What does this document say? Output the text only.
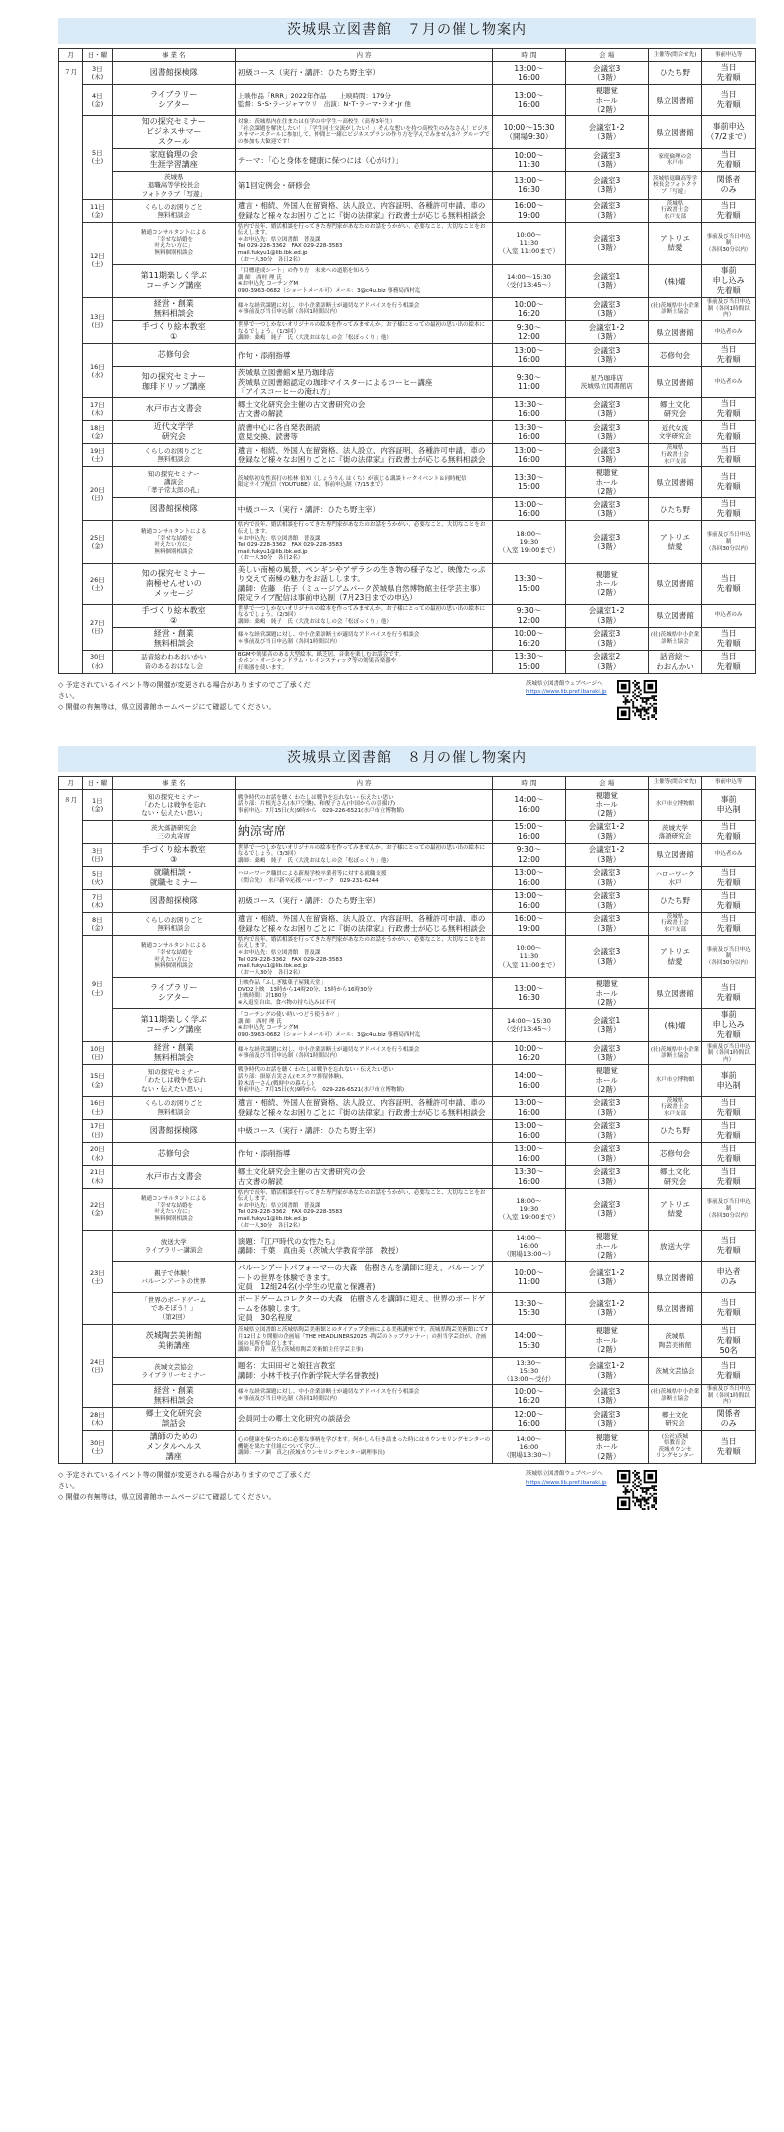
茨城県立図書館　７月の催し物案内
月	日・曜	事 業 名	内 容	時 間	会 場	主催等(問合せ先)	事前申込等
７月	3日
(木)	図書館探検隊	初級コース（実行・講評：ひたち野主宰）	13:00～
16:00	会議室3
（3階）	ひたち野	当日
先着順
	4日
(金)	ライブラリー
シアター	上映作品「RRR」2022年作品　　上映時間：179分
監督：S･S･ラージャマウリ　出演：N･T･ラーマ･ラオ･Jr 他	13:00～
16:00	視聴覚
ホール
（2階）	県立図書館	当日
先着順
	5日
(土)	知の探究セミナー
ビジネスサマー
スクール	対象：茨城県内在住または在学の中学生～高校生（高専3年生）
「社会課題を解決したい！」「学生同士交流がしたい！」そんな想いを持つ高校生のみなさん！ビジネスサマースクールに参加して、仲間と一緒にビジネスプランの作り方を学んでみませんか？グループでの参加も大歓迎です！	10:00～15:30
（開場9:30）	会議室1･2
（3階）	県立図書館	事前申込
（7/2まで）
		家庭倫理の会
生涯学習講座	テーマ：「心と身体を健康に保つには（心がけ）」	10:00～
11:30	会議室3
（3階）	家庭倫理の会
水戸市	当日
先着順
		茨城県
退職高等学校長会
フォトクラブ「写遊」	第1回定例会・研修会	13:00～
16:30	会議室3
（3階）	茨城県退職高等学校長会フォトクラブ「写遊」	関係者
のみ
	11日
(金)	くらしのお困りごと
無料相談会	遺言・相続、外国人在留資格、法人設立、内容証明、各種許可申請、車の登録など様々なお困りごとに『街の法律家』行政書士が応じる無料相談会	16:00～
19:00	会議室3
（3階）	茨城県
行政書士会
水戸支部	当日
先着順
	12日
(土)	精通コンサルタントによる
「幸せな結婚を
叶えたい方に」
無料個別相談会	県内で長年、婚活相談を行ってきた専門家があなたのお話をうかがい、必要なこと、大切なことをお伝えします。
＊お申込先：県立図書館　普及課
Tel 029-228-3362　FAX 029-228-3583
mail.fukyu1@lib.ibk.ed.jp
（お一人30分　各日2名）	10:00～
11:30
（入室 11:00まで）	会議室3
（3階）	アトリエ
結愛	事前及び当日申込制
（各回30分以内）
		第11期楽しく学ぶ
コーチング講座	「目標達成シート」の作り方　未来への道筋を知ろう
講 師　西村 理 氏
※お申込先 コーチングM
090-3963-0682（ショートメール可）メール：3@c4u.biz 事務局西村迄	14:00～15:30
（受付13:45～）	会議室1
（3階）	(株)燿	事前
申し込み
先着順
	13日
(日)	経営・創業
無料相談会	様々な経営課題に対し、中小企業診断士が適切なアドバイスを行う相談会
＊事前及び当日申込制（各回1時間以内）	10:00～
16:20	会議室3
（3階）	(社)茨城県中小企業診断士協会	事前及び当日申込制（各回1時間以内）
		手づくり絵本教室
①	世界で一つしかないオリジナルの絵本を作ってみませんか。お子様にとっての最初の思い出の絵本になるでしょう。（1/3回）
講師：桑嶋　純子　氏（大洗おはなしの会「松ぼっくり」他）	9:30～
12:00	会議室1･2
（3階）	県立図書館	申込者のみ
	16日
(水)	芯修句会	作句・添削指導	13:00～
16:00	会議室3
（3階）	芯修句会	当日
先着順
		知の探究セミナー
珈琲ドリップ講座	茨城県立図書館×星乃珈琲店
茨城県立図書館認定の珈琲マイスターによるコーヒー講座
「アイスコーヒーの淹れ方」	9:30～
11:00	星乃珈琲店
茨城県立図書館店	県立図書館	申込者のみ
	17日
(木)	水戸市古文書会	郷土文化研究会主催の古文書研究の会
古文書の解読	13:30～
16:00	会議室3
（3階）	郷土文化
研究会	当日
先着順
	18日
(金)	近代文学学
研究会	読書中心に各自発表朗読
意見交換、読書等	13:30～
16:00	会議室3
（3階）	近代女流
文学研究会	当日
先着順
	19日
(土)	くらしのお困りごと
無料相談会	遺言・相続、外国人在留資格、法人設立、内容証明、各種許可申請、車の登録など様々なお困りごとに『街の法律家』行政書士が応じる無料相談会	13:00～
16:00	会議室3
（3階）	茨城県
行政書士会
水戸支部	当日
先着順
	20日
(日)	知の探究セミナー
講演会
「孝子常太郎の孔」	茨城県初女性真打の松林 伯知（しょうりん はくち）が演じる講談トークイベント＆同時配信
限定ライブ配信（YOUTUBE）は、事前申込制（7/15まで）	13:30～
15:00	視聴覚
ホール
（2階）	県立図書館	当日
先着順
		図書館探検隊	中級コース（実行・講評：ひたち野主宰）	13:00～
16:00	会議室3
（3階）	ひたち野	当日
先着順
	25日
(金)	精通コンサルタントによる
「幸せな結婚を
叶えたい方に」
無料個別相談会	県内で長年、婚活相談を行ってきた専門家があなたのお話をうかがい、必要なこと、大切なことをお伝えします。
＊お申込先：県立図書館　普及課
Tel 029-228-3362　FAX 029-228-3583
mail.fukyu1@lib.ibk.ed.jp
（お一人30分　各日2名）	18:00～
19:30
（入室 19:00まで）	会議室3
（3階）	アトリエ
結愛	事前及び当日申込制
（各回30分以内）
	26日
(土)	知の探究セミナー
南極せんせいの
メッセージ	美しい南極の風景、ペンギンやアザラシの生き物の様子など、映像たっぷり交えて南極の魅力をお話しします。
講師：佐藤　佑子（ミュージアムパーク茨城県自然博物館主任学芸主事）
限定ライブ配信は事前申込制（7月23日までの申込）	13:30～
15:00	視聴覚
ホール
（2階）	県立図書館	当日
先着順
	27日
(日)	手づくり絵本教室
②	世界で一つしかないオリジナルの絵本を作ってみませんか。お子様にとっての最初の思い出の絵本になるでしょう。（2/3回）
講師：桑嶋　純子　氏（大洗おはなしの会「松ぼっくり」他）	9:30～
12:00	会議室1･2
（3階）	県立図書館	申込者のみ
		経営・創業
無料相談会	様々な経営課題に対し、中小企業診断士が適切なアドバイスを行う相談会
＊事前及び当日申込制（各回1時間以内）	10:00～
16:20	会議室3
（3階）	(社)茨城県中小企業診断士協会	当日
先着順
	30日
(水)	話音絵わわあおいかい
音のあるおはなし会	BGMや効果音のある大型絵本、紙芝居、音楽を楽しむお話会です。
カホン・オーシャンドラム・レインスティック等の効果音楽器や
打楽器を使います。	13:30～
15:00	会議室2
（3階）	話音絵～
わおんかい	当日
先着順
◇ 予定されているイベント等の開催が変更される場合がありますのでご了承くだ
さい。
◇ 開催の有無等は，県立図書館ホームページにて確認してください。
茨城県立図書館ウェブページへ
https://www.lib.pref.ibaraki.jp
茨城県立図書館　８月の催し物案内
月	日・曜	事 業 名	内 容	時 間	会 場	主催等(問合せ先)	事前申込等
８月	1日
(金)	知の探究セミナー
「わたしは戦争を忘れ
ない・伝えたい思い」	戦争時代のお話を聴く わたしは戦争を忘れない・伝えたい思い
話り部：片根光さん(本戸空襲)、和俊子さん(中国からの引揚げ)
事前申込：7月15日(火)9時から　029-226-6521(水戸市立博物館)	14:00～
16:00	視聴覚
ホール
（2階）	水戸市立博物館	事前
申込制
		茨大落語研究会
三の丸寄席	納涼寄席	15:00～
16:00	会議室1･2
（3階）	茨城大学
落語研究会	当日
先着順
	3日
(日)	手づくり絵本教室
③	世界で一つしかないオリジナルの絵本を作ってみませんか。お子様にとっての最初の思い出の絵本になるでしょう。（3/3回）
講師：桑嶋　純子　氏（大洗おはなしの会「松ぼっくり」他）	9:30～
12:00	会議室1･2
（3階）	県立図書館	申込者のみ
	5日
(火)	就職相談・
就職セミナー	ハローワーク職員による新規学校卒業者等に対する就職支援
（問合先）　水戸新卒応援ハローワーク　029-231-6244	13:00～
16:00	会議室3
（3階）	ハローワーク
水戸	当日
先着順
	7日
(木)	図書館探検隊	初級コース（実行・講評：ひたち野主宰）	13:00～
16:00	会議室3
（3階）	ひたち野	当日
先着順
	8日
(金)	くらしのお困りごと
無料相談会	遺言・相続、外国人在留資格、法人設立、内容証明、各種許可申請、車の登録など様々なお困りごとに『街の法律家』行政書士が応じる無料相談会	16:00～
19:00	会議室3
（3階）	茨城県
行政書士会
水戸支部	当日
先着順
	9日
(土)	精通コンサルタントによる
「幸せな結婚を
叶えたい方に」
無料個別相談会	県内で長年、婚活相談を行ってきた専門家があなたのお話をうかがい、必要なこと、大切なことをお伝えします。
＊お申込先：県立図書館　普及課
Tel 029-228-3362　FAX 029-228-3583
mail.fukyu1@lib.ibk.ed.jp
（お一人30分　各日2名）	10:00～
11:30
（入室 11:00まで）	会議室3
（3階）	アトリエ
結愛	事前及び当日申込制
（各回30分以内）
		ライブラリー
シアター	上映作品「ふしぎ駄菓子屋銭天堂」
DVD2上映　13時から14時20分、15時から16時30分
上映時間：計180分
※入退室自由、食べ物の持ち込みは不可	13:00～
16:30	視聴覚
ホール
（2階）	県立図書館	当日
先着順
		第11期楽しく学ぶ
コーチング講座	「コーチングの使い時いつどう使うか？」
講 師　西村 理 氏
※お申込先 コーチングM
090-3963-0682（ショートメール可）メール：3@c4u.biz 事務局西村迄	14:00～15:30
（受付13:45～）	会議室1
（3階）	(株)燿	事前
申し込み
先着順
	10日
(日)	経営・創業
無料相談会	様々な経営課題に対し、中小企業診断士が適切なアドバイスを行う相談会
＊事前及び当日申込制（各回1時間以内）	10:00～
16:20	会議室3
（3階）	(社)茨城県中小企業診断士協会	事前及び当日申込制（各回1時間以内）
	15日
(金)	知の探究セミナー
「わたしは戦争を忘れ
ない・伝えたい思い」	戦争時代のお話を聴く わたしは戦争を忘れない・伝えたい思い
話り部：掛原吉実さん(モスクワ抑留体験)、
鈴木清一さん(戦時中の暮らし)
事前申込：7月15日(火)9時から　029-226-6521(水戸市立博物館)	14:00～
16:00	視聴覚
ホール
（2階）	水戸市立博物館	事前
申込制
	16日
(土)	くらしのお困りごと
無料相談会	遺言・相続、外国人在留資格、法人設立、内容証明、各種許可申請、車の登録など様々なお困りごとに『街の法律家』行政書士が応じる無料相談会	13:00～
16:00	会議室3
（3階）	茨城県
行政書士会
水戸支部	当日
先着順
	17日
(日)	図書館探検隊	中級コース（実行・講評：ひたち野主宰）	13:00～
16:00	会議室3
（3階）	ひたち野	当日
先着順
	20日
(水)	芯修句会	作句・添削指導	13:00～
16:00	会議室3
（3階）	芯修句会	当日
先着順
	21日
(木)	水戸市古文書会	郷土文化研究会主催の古文書研究の会
古文書の解読	13:30～
16:00	会議室3
（3階）	郷土文化
研究会	当日
先着順
	22日
(金)	精通コンサルタントによる
「幸せな結婚を
叶えたい方に」
無料個別相談会	県内で長年、婚活相談を行ってきた専門家があなたのお話をうかがい、必要なこと、大切なことをお伝えします。
＊お申込先：県立図書館　普及課
Tel 029-228-3362　FAX 029-228-3583
mail.fukyu1@lib.ibk.ed.jp
（お一人30分　各日2名）	18:00～
19:30
（入室 19:00まで）	会議室3
（3階）	アトリエ
結愛	事前及び当日申込制
（各回30分以内）
	23日
(土)	放送大学
ライブラリー講演会	演題：『江戸時代の女性たち』
講師：千葉　真由美（茨城大学教育学部　教授）	14:00～
16:00
（開場13:00～）	視聴覚
ホール
（2階）	放送大学	当日
先着順
		親子で体験！
バルーンアートの世界	バルーンアートパフォーマーの大森　佑樹さんを講師に迎え、バルーンアートの世界を体験できます。
定員　12組24名(小学生の児童と保護者)	10:00～
11:00	会議室1･2
（3階）	県立図書館	申込者
のみ
		「世界のボードゲーム
であそぼう！」
（第2回）	ボードゲームコレクターの大森　佑樹さんを講師に迎え、世界のボードゲームを体験します。
定員　30名程度	13:30～
15:30	会議室1･2
（3階）	県立図書館	当日
先着順
	24日
(日)	茨城陶芸美術館
美術講座	茨城県立図書館と茨城県陶芸美術館とのタイアップ企画による美術講座です。茨城県陶芸美術館にて7月12日より開催の企画展「THE HEADLINERS2025 -陶芸のトップランナー」の担当学芸員が、企画展の見所を紹介します。
講師：鈴井　基生(茨城県陶芸美術館主任学芸主事)	14:00～
15:30	視聴覚
ホール
（2階）	茨城県
陶芸美術館	当日
先着順
50名
		茨城文芸協会
ライブラリーセミナー	題名：太田田ゼと娘狂言教室
講師：小林千枝子(作新学院大学名誉教授)	13:30～
15:30
（13:00～受付）	会議室1･2
（3階）	茨城文芸協会	当日
先着順
		経営・創業
無料相談会	様々な経営課題に対し、中小企業診断士が適切なアドバイスを行う相談会
＊事前及び当日申込制（各回1時間以内）	10:00～
16:20	会議室3
（3階）	(社)茨城県中小企業診断士協会	事前及び当日申込制（各回1時間以内）
	28日
(木)	郷土文化研究会
談話会	会員同士の郷土文化研究の談話会	12:00～
16:00	会議室3
（3階）	郷土文化
研究会	関係者
のみ
	30日
(土)	講師のための
メンタルヘルス
講座	心の健康を保つために必要な事柄を学びます。何かしら行き詰まった時にはカウンセリングセンターの機能を果たす仕組について学び…
講師：一ノ瀬　真之(茨城カウンセリングセンター副理事長)	14:00～
16:00
（開場13:30～）	視聴覚
ホール
（2階）	(公社)茨城
県教育会
茨城カウンセ
リングセンター	当日
先着順
◇ 予定されているイベント等の開催が変更される場合がありますのでご了承くだ
さい。
◇ 開催の有無等は，県立図書館ホームページにて確認してください。
茨城県立図書館ウェブページへ
https://www.lib.pref.ibaraki.jp
